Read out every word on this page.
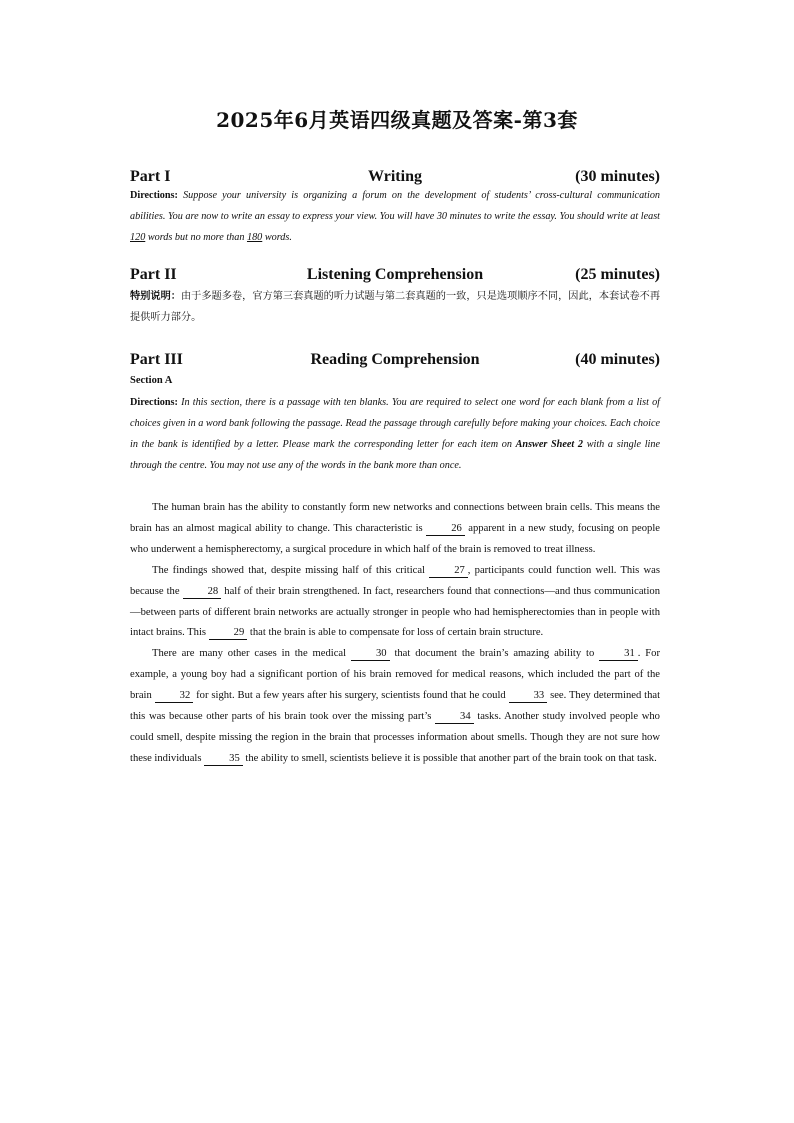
2025年6月英语四级真题及答案-第3套
Part I	Writing	(30 minutes)
Directions: Suppose your university is organizing a forum on the development of students’ cross-cultural communication abilities. You are now to write an essay to express your view. You will have 30 minutes to write the essay. You should write at least 120 words but no more than 180 words.
Part II	Listening Comprehension	(25 minutes)
特别说明：由于多题多卷，官方第三套真题的听力试题与第二套真题的一致，只是选项顺序不同，因此，本套试卷不再提供听力部分。
Part III	Reading Comprehension	(40 minutes)
Section A
Directions: In this section, there is a passage with ten blanks. You are required to select one word for each blank from a list of choices given in a word bank following the passage. Read the passage through carefully before making your choices. Each choice in the bank is identified by a letter. Please mark the corresponding letter for each item on Answer Sheet 2 with a single line through the centre. You may not use any of the words in the bank more than once.

The human brain has the ability to constantly form new networks and connections between brain cells. This means the brain has an almost magical ability to change. This characteristic is	26 apparent in a new study, focusing on people who underwent a hemispherectomy, a surgical procedure in which half of the brain is removed to treat illness.

The findings showed that, despite missing half of this critical	27 , participants could function well. This was because the	28 half of their brain strengthened. In fact, researchers found that connections—and thus communication—between parts of different brain networks are actually stronger in people who had hemispherectomies than in people with intact brains. This	29 that the brain is able to compensate for loss of certain brain structure.

There are many other cases in the medical	30 that document the brain’s amazing ability to	31 . For example, a young boy had a significant portion of his brain removed for medical reasons, which included the part of the brain	32 for sight. But a few years after his surgery, scientists found that he could	33 see. They determined that this was because other parts of his brain took over the missing part’s	34 tasks. Another study involved people who could smell, despite missing the region in the brain that processes information about smells. Though they are not sure how these individuals	35 the ability to smell, scientists believe it is possible that another part of the brain took on that task.
